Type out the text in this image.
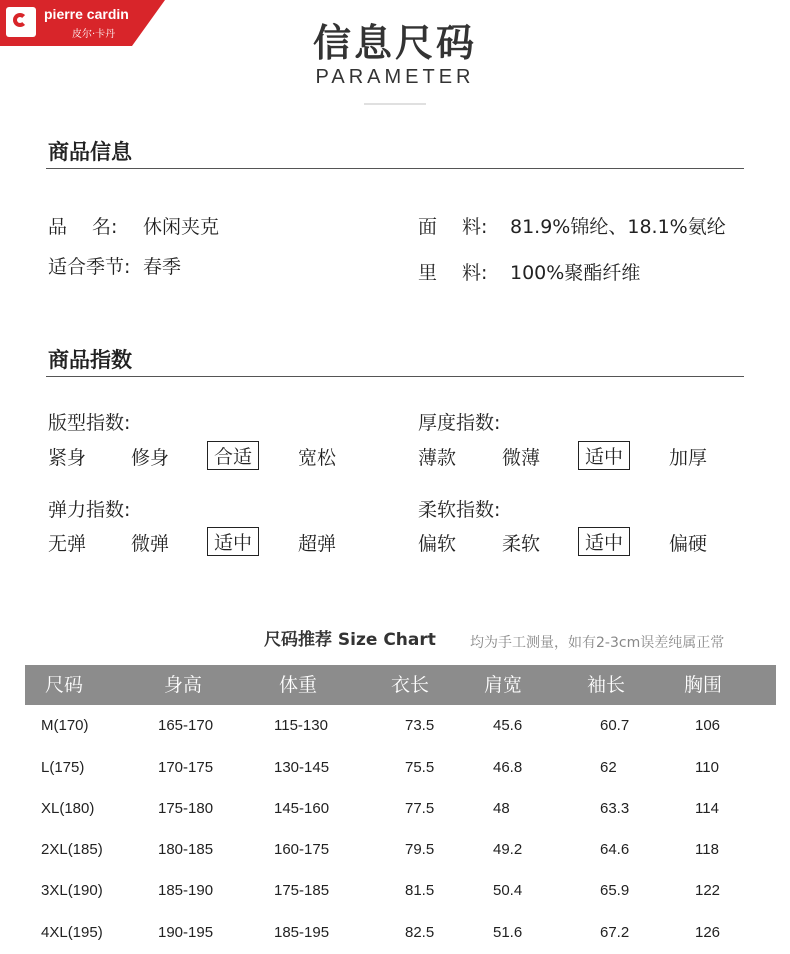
pierre cardin
皮尔·卡丹	信息尺码
PARAMETER
商品信息
品　 名: 休闲夹克
适合季节: 春季
面　 料: 81.9%锦纶、18.1%氨纶
里　 料: 100%聚酯纤维
商品指数
版型指数:
紧身 修身	合适	宽松
厚度指数:
薄款 微薄	适中	加厚
弹力指数:
无弹 微弹	适中	超弹
柔软指数:
偏软 柔软	适中	偏硬
尺码推荐 Size Chart 均为手工测量，如有2-3cm误差纯属正常
尺码	身高	体重	衣长	肩宽	袖长	胸围
M(170)	165-170	115-130	73.5	45.6	60.7	106
L(175)	170-175	130-145	75.5	46.8	62	110
XL(180)	175-180	145-160	77.5	48	63.3	114
2XL(185)	180-185	160-175	79.5	49.2	64.6	118
3XL(190)	185-190	175-185	81.5	50.4	65.9	122
4XL(195)	190-195	185-195	82.5	51.6	67.2	126
